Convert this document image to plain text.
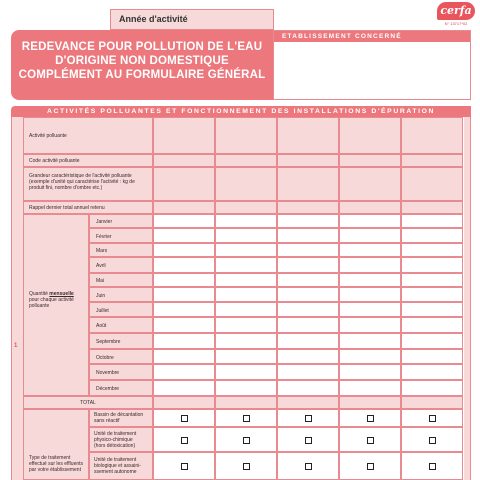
Année d'activité
cerfa
N° 13717*02
REDEVANCE POUR POLLUTION DE L'EAU
D'ORIGINE NON DOMESTIQUE
COMPLÉMENT AU FORMULAIRE GÉNÉRAL
ETABLISSEMENT CONCERNÉ
ACTIVITÉS POLLUANTES ET FONCTIONNEMENT DES INSTALLATIONS D'ÉPURATION
1
Activité polluante
Code activité polluante
Grandeur caractéristique de l'activité polluante
(exemple d'unité qui caractérise l'activité : kg de
produit fini, nombre d'ombre etc.)
Rappel dernier total annuel retenu
Quantité mensuelle
pour chaque activité
polluante
TOTAL
Type de traitement
effectué sur les effluents
par votre établissement
Bassin de décantation
sans réactif
Unité de traitement
physico-chimique
(hors détoxication)
Unité de traitement
biologique et assaini-
ssement autonome
Janvier
Février
Mars
Avril
Mai
Juin
Juillet
Août
Septembre
Octobre
Novembre
Décembre
